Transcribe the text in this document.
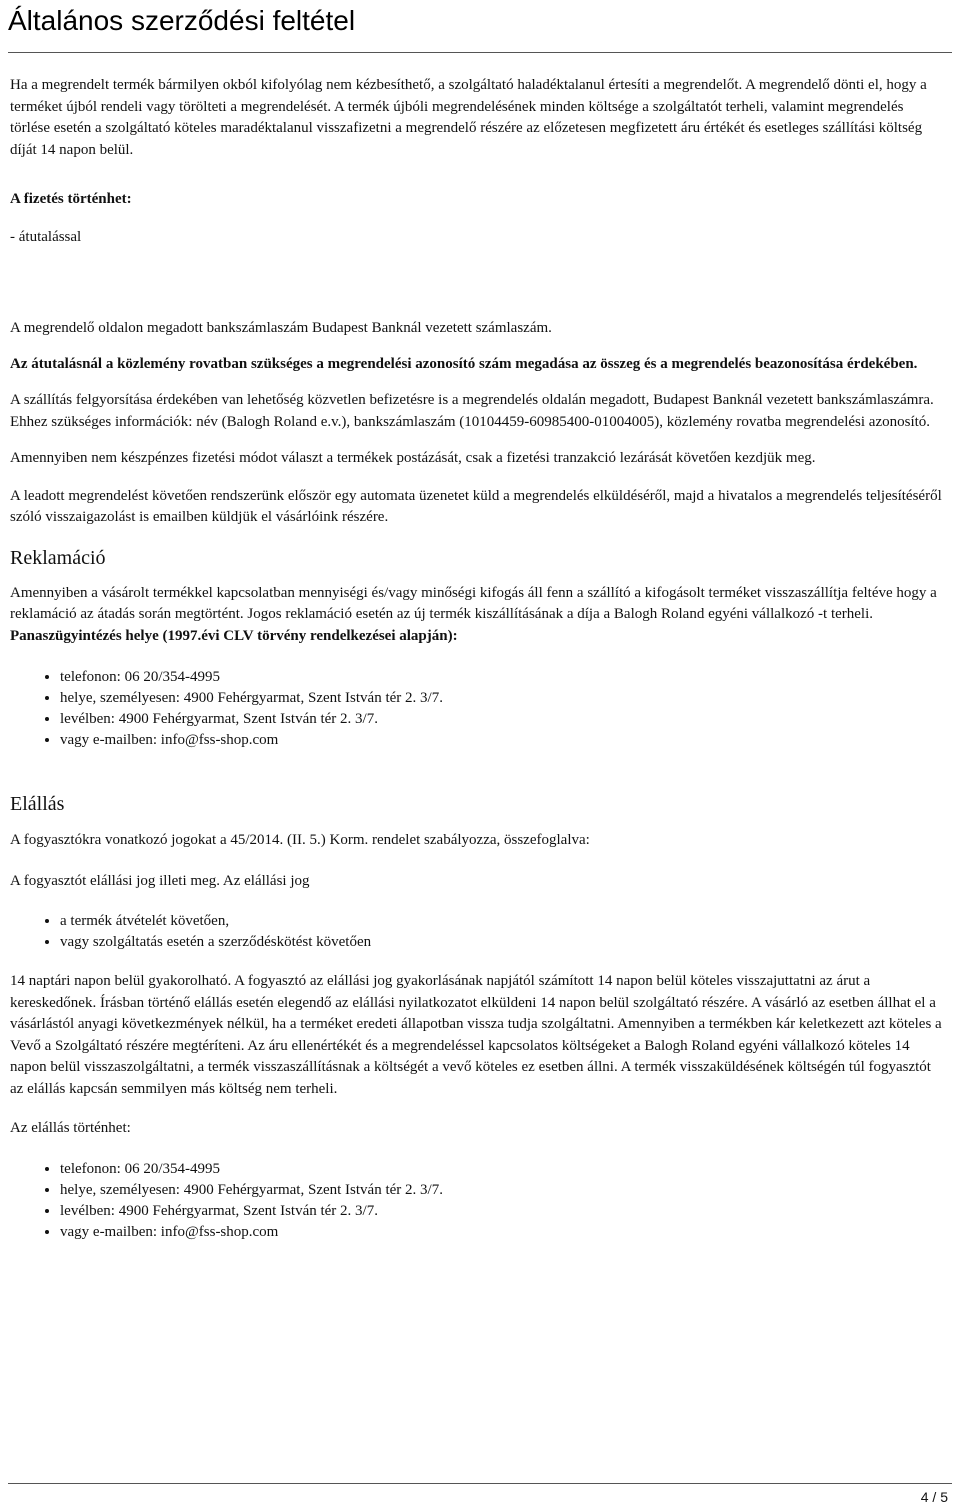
Általános szerződési feltétel

Ha a megrendelt termék bármilyen okból kifolyólag nem kézbesíthető, a szolgáltató haladéktalanul értesíti a megrendelőt. A megrendelő dönti el, hogy a terméket újból rendeli vagy törölteti a megrendelését. A termék újbóli megrendelésének minden költsége a szolgáltatót terheli, valamint megrendelés törlése esetén a szolgáltató köteles maradéktalanul visszafizetni a megrendelő részére az előzetesen megfizetett áru értékét és esetleges szállítási költség díját 14 napon belül.

A fizetés történhet:

- átutalással

A megrendelő oldalon megadott bankszámlaszám Budapest Banknál vezetett számlaszám.

Az átutalásnál a közlemény rovatban szükséges a megrendelési azonosító szám megadása az összeg és a megrendelés beazonosítása érdekében.

A szállítás felgyorsítása érdekében van lehetőség közvetlen befizetésre is a megrendelés oldalán megadott, Budapest Banknál vezetett bankszámlaszámra. Ehhez szükséges információk: név (Balogh Roland e.v.), bankszámlaszám (10104459-60985400-01004005), közlemény rovatba megrendelési azonosító.

Amennyiben nem készpénzes fizetési módot választ a termékek postázását, csak a fizetési tranzakció lezárását követően kezdjük meg.

A leadott megrendelést követően rendszerünk először egy automata üzenetet küld a megrendelés elküldéséről, majd a hivatalos a megrendelés teljesítéséről szóló visszaigazolást is emailben küldjük el vásárlóink részére.

Reklamáció

Amennyiben a vásárolt termékkel kapcsolatban mennyiségi és/vagy minőségi kifogás áll fenn a szállító a kifogásolt terméket visszaszállítja feltéve hogy a reklamáció az átadás során megtörtént. Jogos reklamáció esetén az új termék kiszállításának a díja a Balogh Roland egyéni vállalkozó -t terheli.

Panaszügyintézés helye (1997.évi CLV törvény rendelkezései alapján):

• telefonon: 06 20/354-4995
• helye, személyesen: 4900 Fehérgyarmat, Szent István tér 2. 3/7.
• levélben: 4900 Fehérgyarmat, Szent István tér 2. 3/7.
• vagy e-mailben: info@fss-shop.com
Elállás

A fogyasztókra vonatkozó jogokat a 45/2014. (II. 5.) Korm. rendelet szabályozza, összefoglalva:

A fogyasztót elállási jog illeti meg. Az elállási jog

• a termék átvételét követően,
• vagy szolgáltatás esetén a szerződéskötést követően

14 naptári napon belül gyakorolható. A fogyasztó az elállási jog gyakorlásának napjától számított 14 napon belül köteles visszajuttatni az árut a kereskedőnek. Írásban történő elállás esetén elegendő az elállási nyilatkozatot elküldeni 14 napon belül szolgáltató részére. A vásárló az esetben állhat el a vásárlástól anyagi következmények nélkül, ha a terméket eredeti állapotban vissza tudja szolgáltatni. Amennyiben a termékben kár keletkezett azt köteles a Vevő a Szolgáltató részére megtéríteni. Az áru ellenértékét és a megrendeléssel kapcsolatos költségeket a Balogh Roland egyéni vállalkozó köteles 14 napon belül visszaszolgáltatni, a termék visszaszállításnak a költségét a vevő köteles ez esetben állni. A termék visszaküldésének költségén túl fogyasztót az elállás kapcsán semmilyen más költség nem terheli.

Az elállás történhet:

• telefonon: 06 20/354-4995
• helye, személyesen: 4900 Fehérgyarmat, Szent István tér 2. 3/7.
• levélben: 4900 Fehérgyarmat, Szent István tér 2. 3/7.
• vagy e-mailben: info@fss-shop.com
4 / 5
